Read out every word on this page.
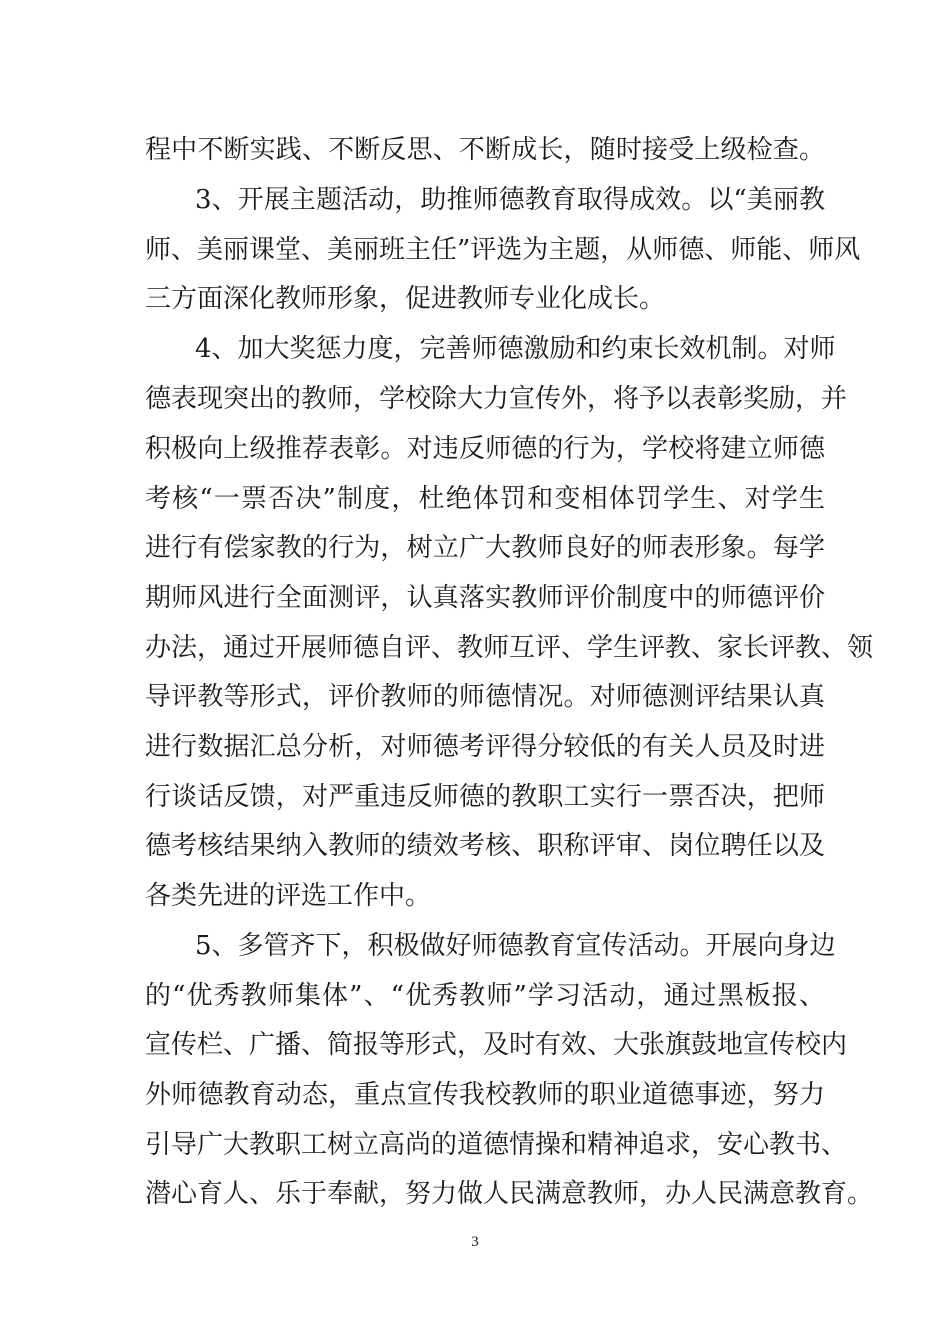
程中不断实践、不断反思、不断成长，随时接受上级检查。
3、开展主题活动，助推师德教育取得成效。以“美丽教
师、美丽课堂、美丽班主任”评选为主题，从师德、师能、师风
三方面深化教师形象，促进教师专业化成长。
4、加大奖惩力度，完善师德激励和约束长效机制。对师
德表现突出的教师，学校除大力宣传外，将予以表彰奖励，并
积极向上级推荐表彰。对违反师德的行为，学校将建立师德
考核“一票否决”制度，杜绝体罚和变相体罚学生、对学生
进行有偿家教的行为，树立广大教师良好的师表形象。每学
期师风进行全面测评，认真落实教师评价制度中的师德评价
办法，通过开展师德自评、教师互评、学生评教、家长评教、领
导评教等形式，评价教师的师德情况。对师德测评结果认真
进行数据汇总分析，对师德考评得分较低的有关人员及时进
行谈话反馈，对严重违反师德的教职工实行一票否决，把师
德考核结果纳入教师的绩效考核、职称评审、岗位聘任以及
各类先进的评选工作中。
5、多管齐下，积极做好师德教育宣传活动。开展向身边
的“优秀教师集体”、“优秀教师”学习活动，通过黑板报、
宣传栏、广播、简报等形式，及时有效、大张旗鼓地宣传校内
外师德教育动态，重点宣传我校教师的职业道德事迹，努力
引导广大教职工树立高尚的道德情操和精神追求，安心教书、
潜心育人、乐于奉献，努力做人民满意教师，办人民满意教育。
3
